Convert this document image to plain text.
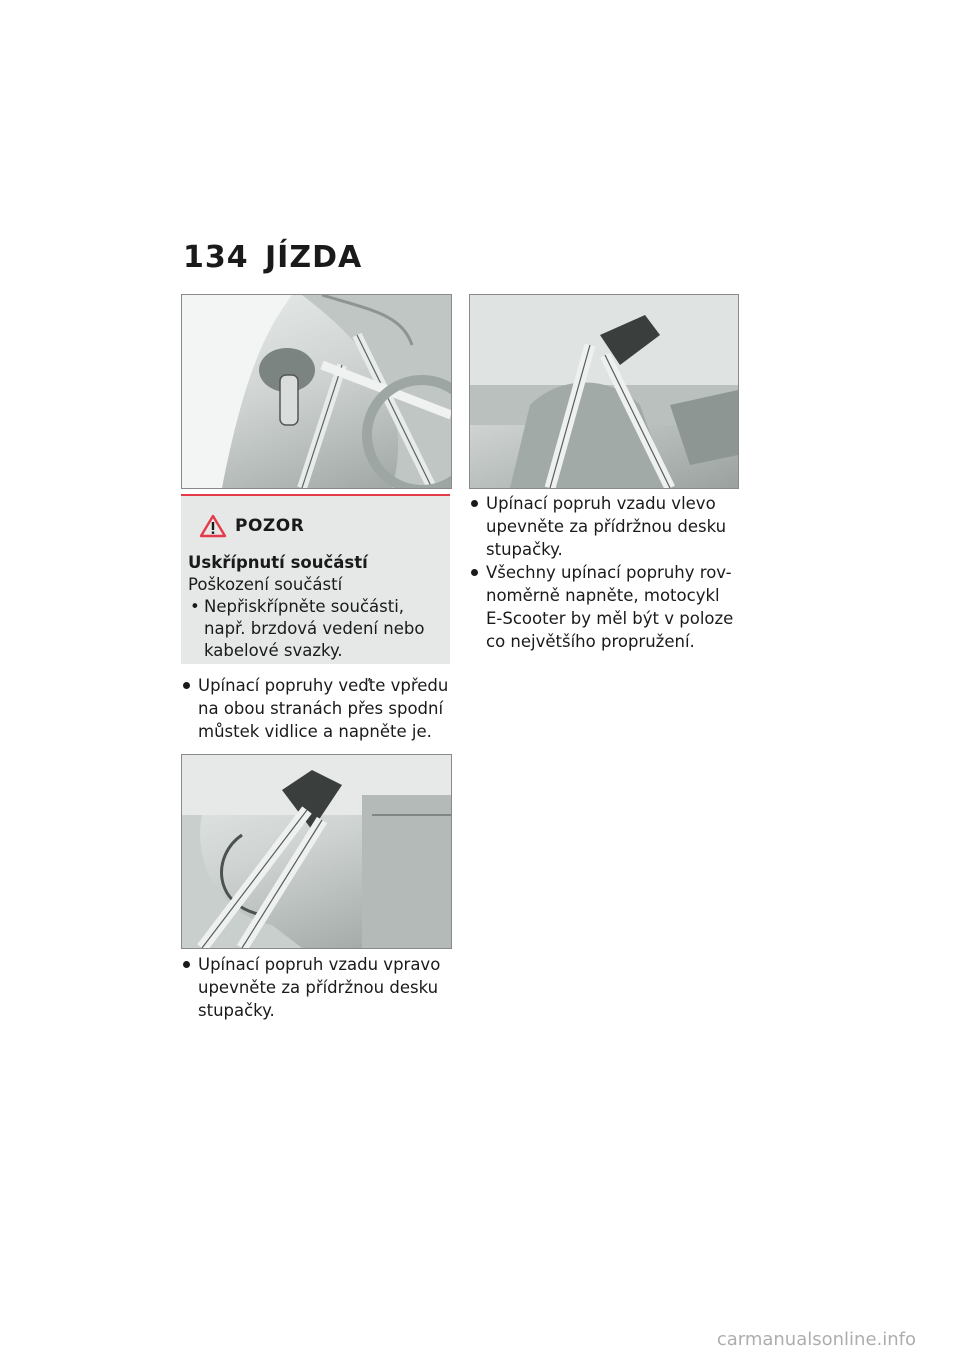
134 JÍZDA
POZOR
Uskřípnutí součástí
Poškození součástí
• Nepřiskřípněte součásti, např. brzdová vedení nebo kabelové svazky.
Upínací popruhy veďte vpředu na obou stranách přes spodní můstek vidlice a napněte je.
Upínací popruh vzadu vpravo upevněte za přídržnou desku stupačky.
Upínací popruh vzadu vlevo upevněte za přídržnou desku stupačky.
Všechny upínací popruhy rov-noměrně napněte, motocykl E-Scooter by měl být v poloze co největšího propružení.
carmanualsonline.info
